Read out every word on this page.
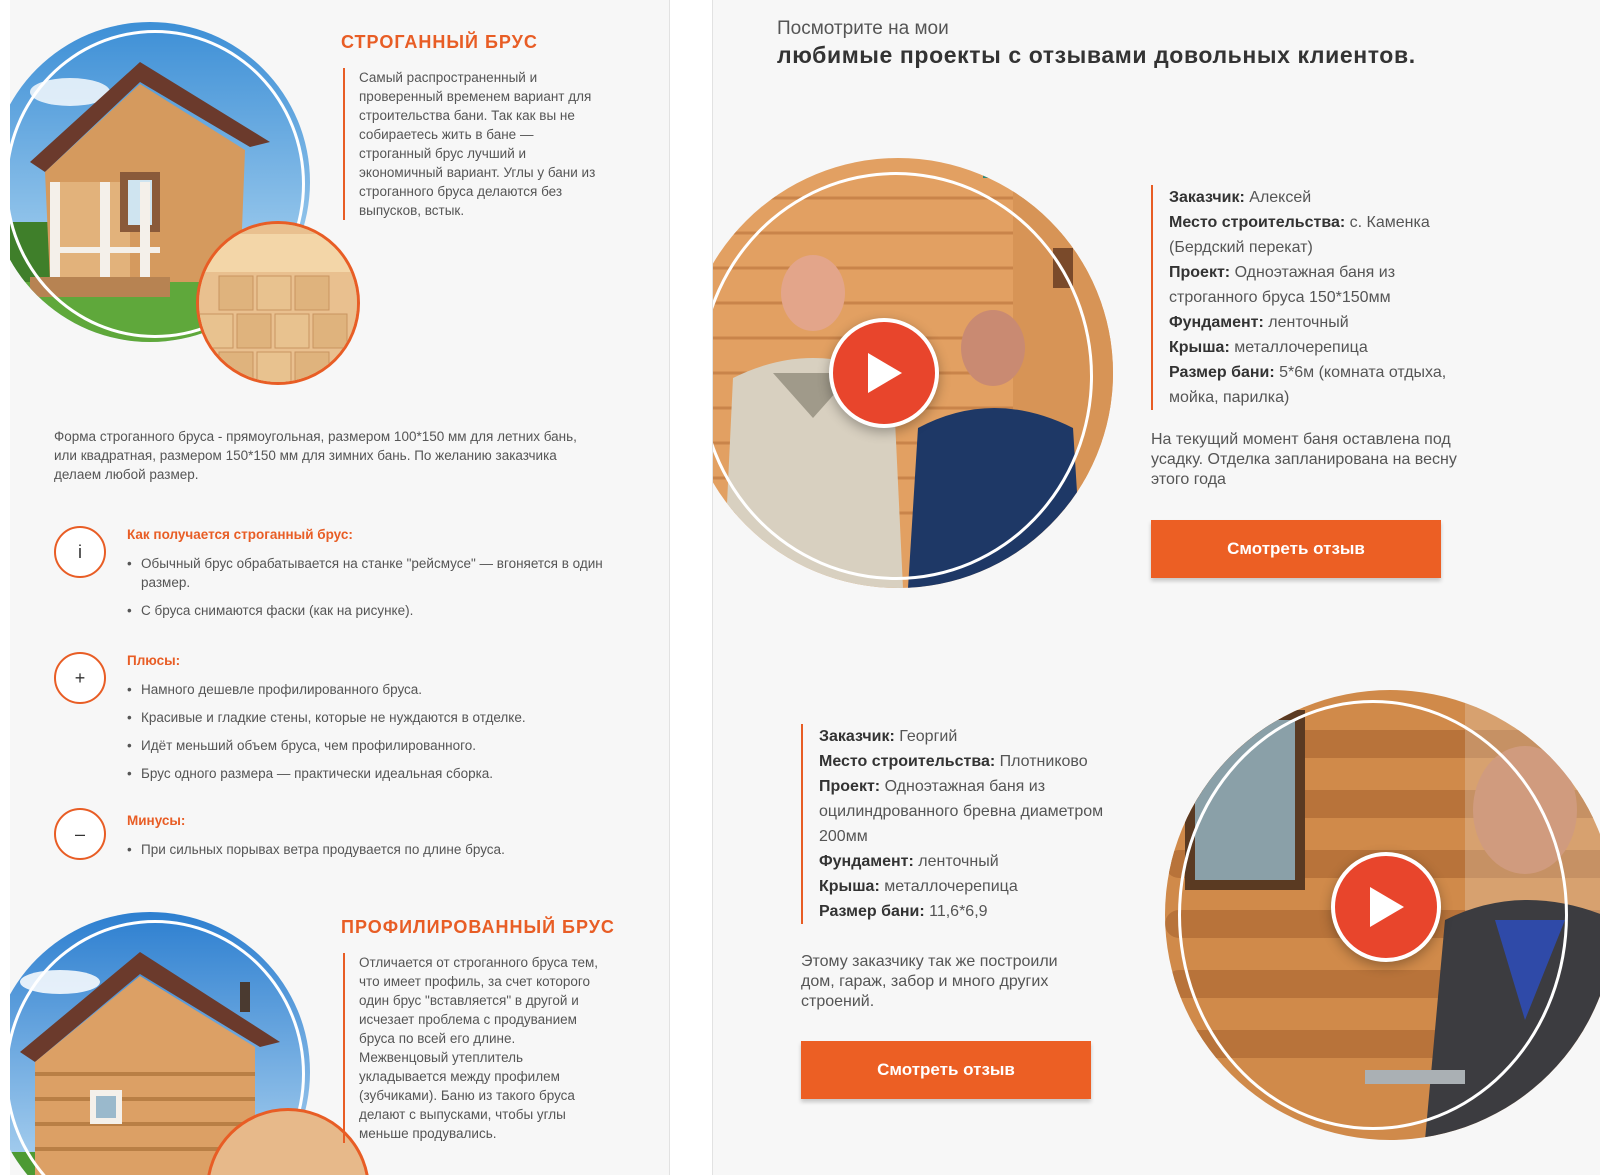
СТРОГАННЫЙ БРУС
Самый распространенный и проверенный временем вариант для строительства бани. Так как вы не собираетесь жить в бане — строганный брус лучший и экономичный вариант. Углы у бани из строганного бруса делаются без выпусков, встык.
Форма строганного бруса - прямоугольная, размером 100*150 мм для летних бань, или квадратная, размером 150*150 мм для зимних бань. По желанию заказчика делаем любой размер.
i
Как получается строганный брус:
• Обычный брус обрабатывается на станке "рейсмусе" — вгоняется в один размер.
• С бруса снимаются фаски (как на рисунке).
+
Плюсы:
• Намного дешевле профилированного бруса.
• Красивые и гладкие стены, которые не нуждаются в отделке.
• Идёт меньший объем бруса, чем профилированного.
• Брус одного размера — практически идеальная сборка.
–
Минусы:
• При сильных порывах ветра продувается по длине бруса.
ПРОФИЛИРОВАННЫЙ БРУС
Отличается от строганного бруса тем, что имеет профиль, за счет которого один брус "вставляется" в другой и исчезает проблема с продуванием бруса по всей его длине. Межвенцовый утеплитель укладывается между профилем (зубчиками). Баню из такого бруса делают с выпусками, чтобы углы меньше продувались.
Посмотрите на мои
любимые проекты с отзывами довольных клиентов.
Заказчик: Алексей
Место строительства: с. Каменка (Бердский перекат)
Проект: Одноэтажная баня из строганного бруса 150*150мм
Фундамент: ленточный
Крыша: металлочерепица
Размер бани: 5*6м (комната отдыха, мойка, парилка)
На текущий момент баня оставлена под усадку. Отделка запланирована на весну этого года
Смотреть отзыв
Заказчик: Георгий
Место строительства: Плотниково
Проект: Одноэтажная баня из оцилиндрованного бревна диаметром 200мм
Фундамент: ленточный
Крыша: металлочерепица
Размер бани: 11,6*6,9
Этому заказчику так же построили дом, гараж, забор и много других строений.
Смотреть отзыв
